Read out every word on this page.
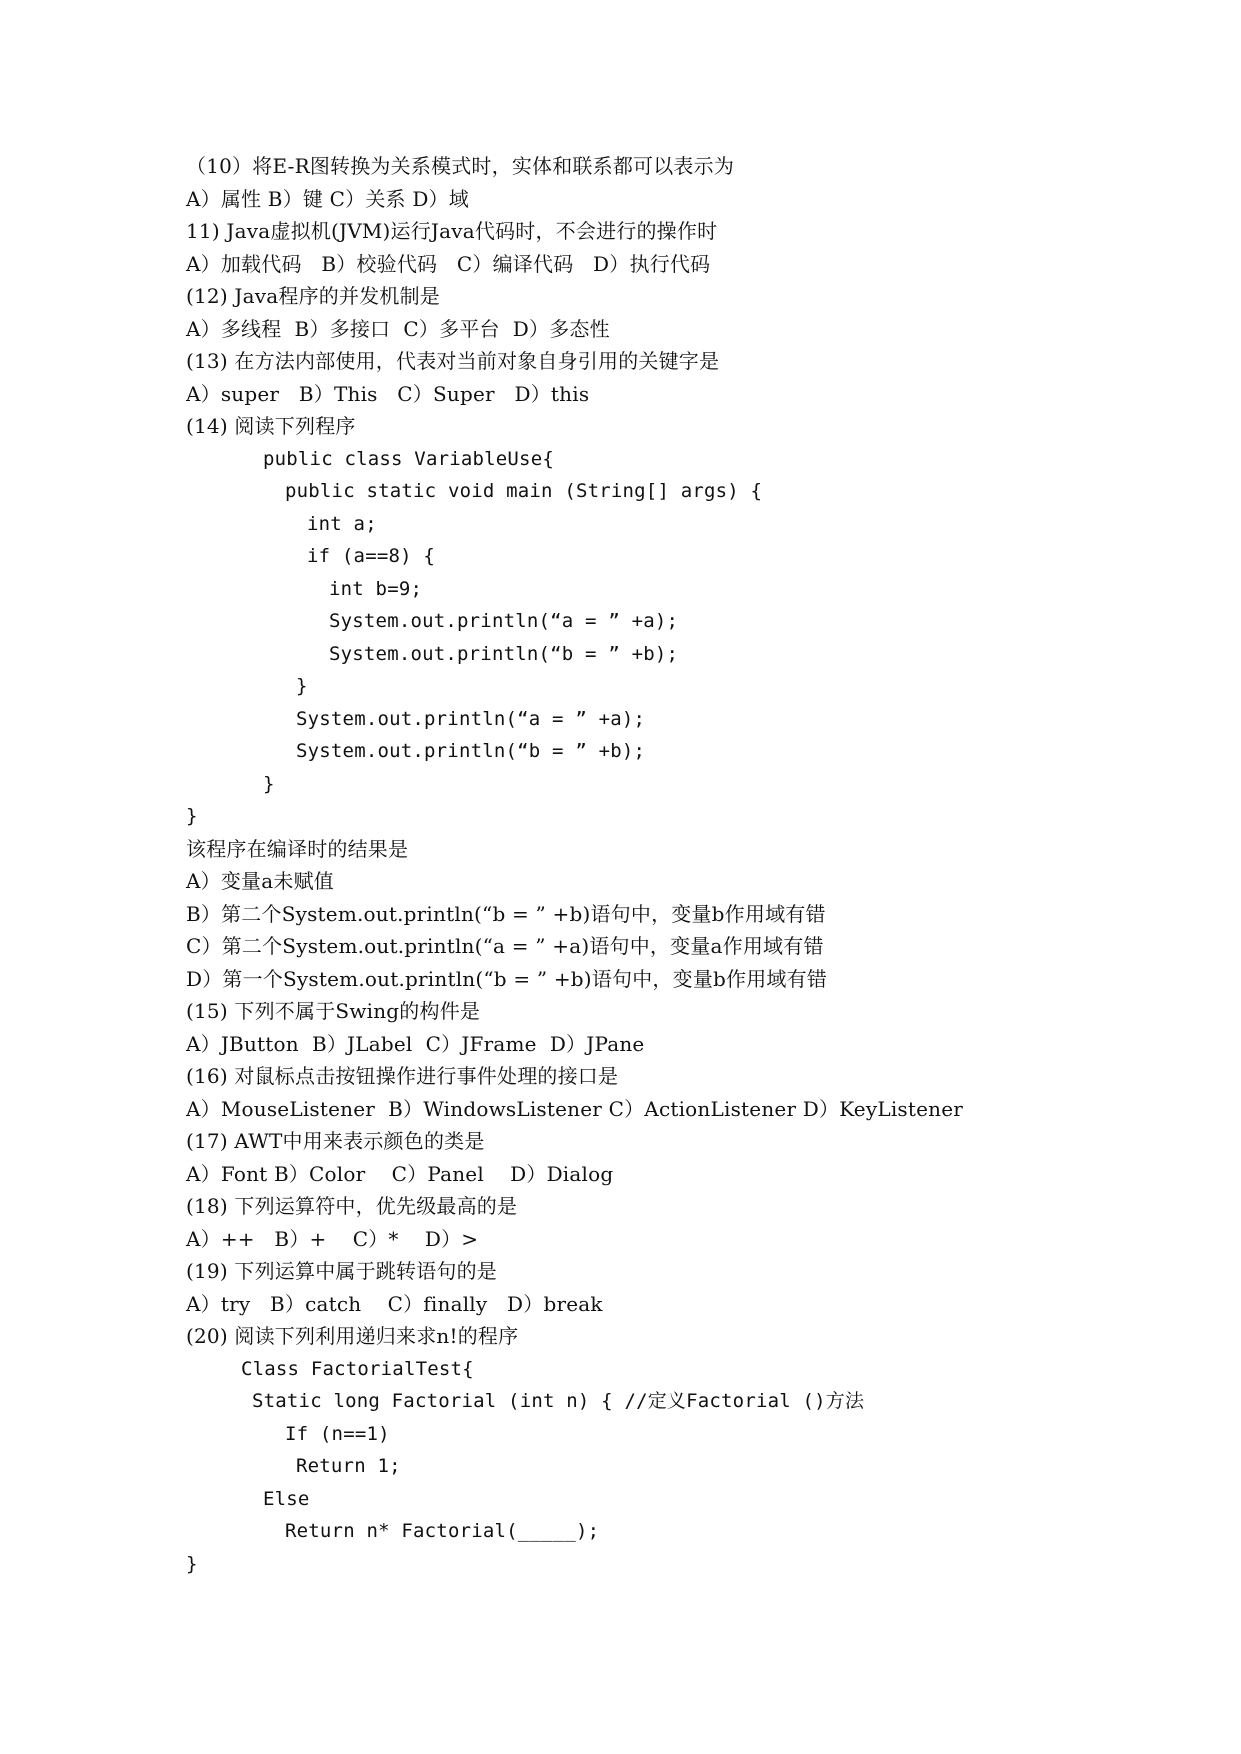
（10）将E-R图转换为关系模式时，实体和联系都可以表示为
A）属性 B）键 C）关系 D）域
11) Java虚拟机(JVM)运行Java代码时，不会进行的操作时
A）加载代码   B）校验代码   C）编译代码   D）执行代码
(12) Java程序的并发机制是
A）多线程  B）多接口  C）多平台  D）多态性
(13) 在方法内部使用，代表对当前对象自身引用的关键字是
A）super   B）This   C）Super   D）this
(14) 阅读下列程序
public class VariableUse{
public static void main (String[] args) {
int a;
if (a==8) {
int b=9;
System.out.println(“a = ” +a);
System.out.println(“b = ” +b);
}
System.out.println(“a = ” +a);
System.out.println(“b = ” +b);
}
}
该程序在编译时的结果是
A）变量a未赋值
B）第二个System.out.println(“b = ” +b)语句中，变量b作用域有错
C）第二个System.out.println(“a = ” +a)语句中，变量a作用域有错
D）第一个System.out.println(“b = ” +b)语句中，变量b作用域有错
(15) 下列不属于Swing的构件是
A）JButton  B）JLabel  C）JFrame  D）JPane
(16) 对鼠标点击按钮操作进行事件处理的接口是
A）MouseListener  B）WindowsListener C）ActionListener D）KeyListener
(17) AWT中用来表示颜色的类是
A）Font B）Color    C）Panel    D）Dialog
(18) 下列运算符中，优先级最高的是
A）++   B）+    C）*    D）>
(19) 下列运算中属于跳转语句的是
A）try   B）catch    C）finally   D）break
(20) 阅读下列利用递归来求n!的程序
Class FactorialTest{
Static long Factorial (int n) { //定义Factorial ()方法
If (n==1)
Return 1;
Else
Return n* Factorial(_____);
}
